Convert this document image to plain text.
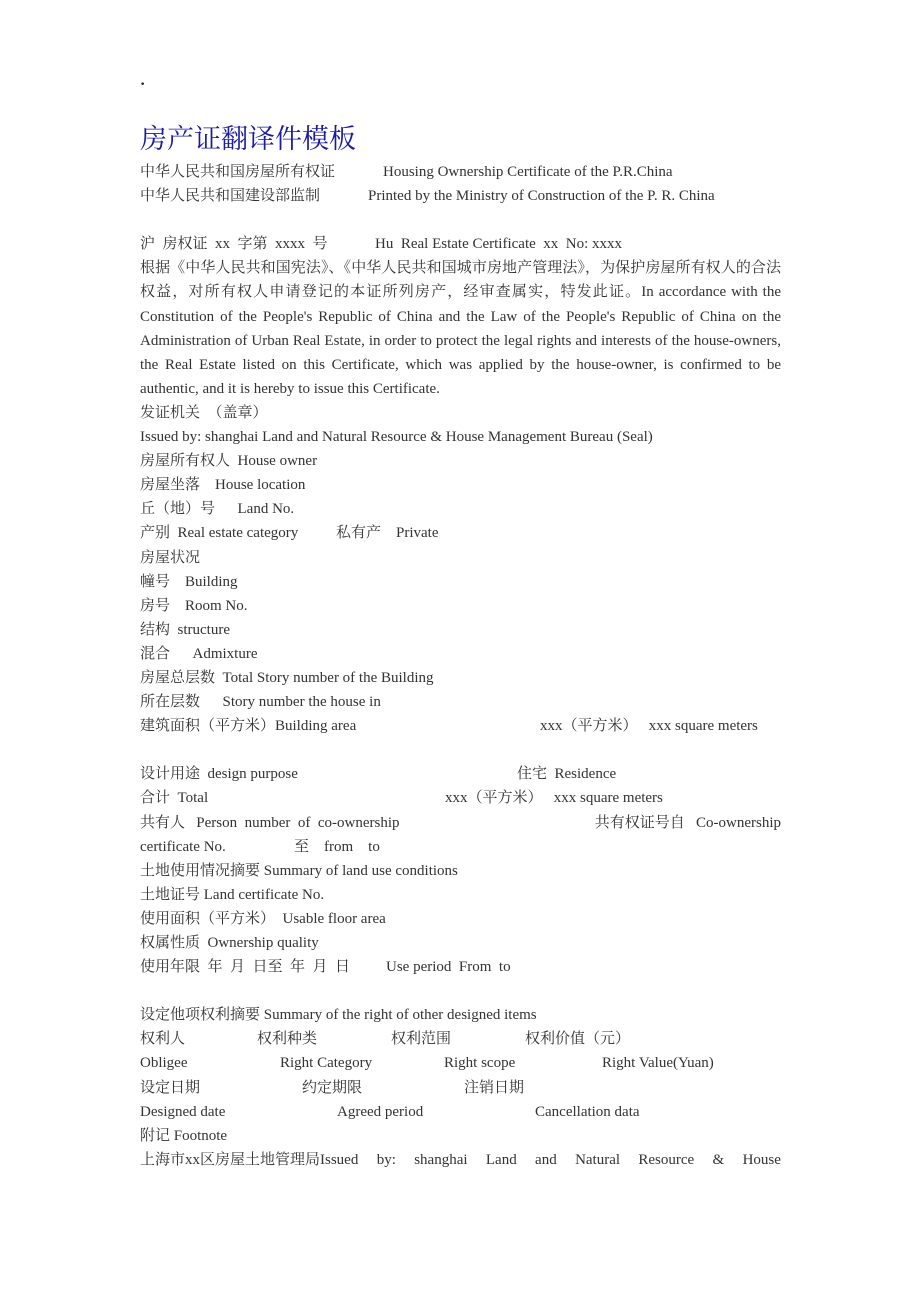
·
房产证翻译件模板
中华人民共和国房屋所有权证	Housing Ownership Certificate of the P.R.China
中华人民共和国建设部监制	Printed by the Ministry of Construction of the P. R. China
沪  房权证  xx  字第  xxxx  号	Hu  Real Estate Certificate  xx  No: xxxx
根据《中华人民共和国宪法》、《中华人民共和国城市房地产管理法》，为保护房屋所有权人的合法权益，对所有权人申请登记的本证所列房产，经审查属实，特发此证。In accordance with the Constitution of the People's Republic of China and the Law of the People's Republic of China on the Administration of Urban Real Estate, in order to protect the legal rights and interests of the house-owners, the Real Estate listed on this Certificate, which was applied by the house-owner, is confirmed to be authentic, and it is hereby to issue this Certificate.
发证机关  （盖章）
Issued by: shanghai Land and Natural Resource & House Management Bureau (Seal)
房屋所有权人  House owner
房屋坐落    House location
丘（地）号      Land No.
产别  Real estate category	私有产    Private
房屋状况
幢号    Building
房号    Room No.
结构  structure
混合      Admixture
房屋总层数  Total Story number of the Building
所在层数      Story number the house in
建筑面积（平方米）Building area	xxx（平方米）   xxx square meters
设计用途  design purpose	住宅  Residence
合计  Total	xxx（平方米）   xxx square meters
共有人   Person  number  of  co-ownership	共有权证号自   Co-ownership
certificate No.	至    from    to
土地使用情况摘要 Summary of land use conditions
土地证号 Land certificate No.
使用面积（平方米）  Usable floor area
权属性质  Ownership quality
使用年限  年  月  日至  年  月  日 Use period  From  to
设定他项权利摘要 Summary of the right of other designed items
权利人	权利种类	权利范围	权利价值（元）
Obligee	Right Category	Right scope	Right Value(Yuan)
设定日期	约定期限	注销日期
Designed date	Agreed period	Cancellation data
附记 Footnote
上海市xx区房屋土地管理局Issued by: shanghai Land and Natural Resource & House
